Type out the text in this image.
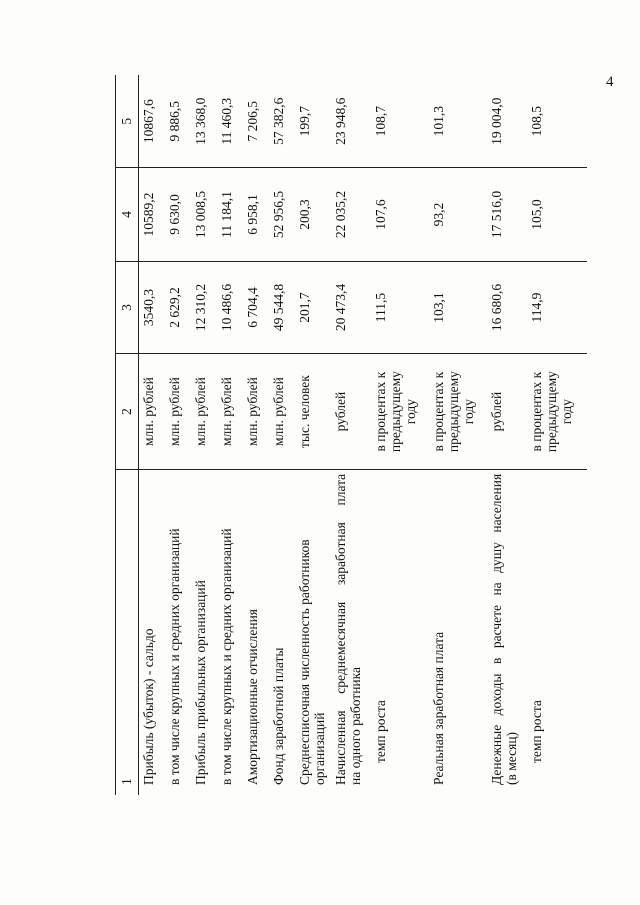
4
1	2	3	4	5
Прибыль (убыток) - сальдо	млн. рублей	3540,3	10589,2	10867,6
в том числе крупных и средних организаций	млн. рублей	2 629,2	9 630,0	9 886,5
Прибыль прибыльных организаций	млн. рублей	12 310,2	13 008,5	13 368,0
в том числе крупных и средних организаций	млн. рублей	10 486,6	11 184,1	11 460,3
Амортизационные отчисления	млн. рублей	6 704,4	6 958,1	7 206,5
Фонд заработной платы	млн. рублей	49 544,8	52 956,5	57 382,6
Среднесписочная численность работников организаций	тыс. человек	201,7	200,3	199,7

Начисленная среднемесячная заработная плата на одного работника	рублей	20 473,4	22 035,2	23 948,6
темп роста	в процентах к предыдущему году	111,5	107,6	108,7
Реальная заработная плата	в процентах к предыдущему году	103,1	93,2	101,3

Денежные доходы в расчете на душу населения (в месяц)	рублей	16 680,6	17 516,0	19 004,0
темп роста	в процентах к предыдущему году	114,9	105,0	108,5
